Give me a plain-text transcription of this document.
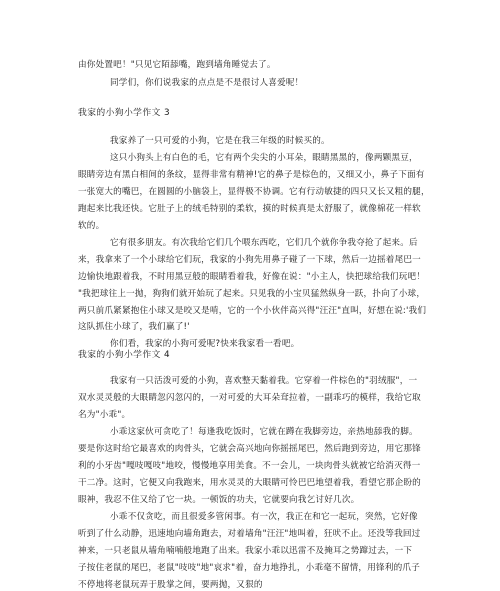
由你处置吧！"只见它陌舔嘴，跑到墙角睡觉去了。
同学们，你们说我家的点点是不是很讨人喜爱呢！
我家的小狗小学作文 3
我家养了一只可爱的小狗，它是在我三年级的时候买的。
这只小狗头上有白色的毛，它有两个尖尖的小耳朵，眼睛黑黑的，像两颗黑豆，
眼睛旁边有黑白相间的条纹，显得非常有精神!它的鼻子是棕色的，又细又小，鼻子下面有
一张宽大的嘴巴，在圆圆的小脑袋上，显得极不协调。它有行动敏捷的四只又长又粗的腿，
跑起来比我还快。它肚子上的绒毛特别的柔软，摸的时候真是太舒服了，就像棉花一样软
软的。
它有很多朋友。有次我给它们几个喂东西吃，它们几个就你争我夺抢了起来。后
来，我拿来了一个小球给它们玩，我家的小狗先用鼻子碰了一下球，然后一边摇着尾巴一
边愉快地跟着我，不时用黑豆般的眼睛看着我，好像在说："小主人，快把球给我们玩吧！
"我把球往上一抛，狗狗们就开始玩了起来。只见我的小宝贝猛然纵身一跃，扑向了小球，
两只前爪紧紧抱住小球又是咬又是啃，它的一个小伙伴高兴得"汪汪"直叫，好想在说:'我们
这队抓住小球了，我们赢了!'
你们看，我家的小狗可爱呢?快来我家看一看吧。
我家的小狗小学作文 4
我家有一只活泼可爱的小狗，喜欢整天黏着我。它穿着一件棕色的"羽绒服"，一
双水灵灵般的大眼睛忽闪忽闪的，一对可爱的大耳朵耷拉着，一副乖巧的模样，我给它取
名为"小乖"。
小乖这家伙可贪吃了！每逢我吃饭时，它就在蹲在我脚旁边，亲热地舔我的脚。
要是你这时给它最喜欢的肉骨头，它就会高兴地向你摇摇尾巴，然后跑到旁边，用它那锋
利的小牙齿"嘎吱嘎吱"地咬，慢慢地享用美食。不一会儿，一块肉骨头就被它给消灭得一
干二净。这时，它便又向我跑来，用水灵灵的大眼睛可怜巴巴地望着我，看望它那企盼的
眼神，我忍不住又给了它一块。一顿饭的功夫，它就要向我乞讨好几次。
小乖不仅贪吃，而且很爱多管闲事。有一次，我正在和它一起玩，突然，它好像
听到了什么动静，迅速地向墙角跑去，对着墙角"汪汪"地叫着，狂吠不止。还没等我回过
神来，一只老鼠从墙角喃喃般地跑了出来。我家小乖以迅雷不及掩耳之势蹿过去，一下
子按住老鼠的尾巴，老鼠"吱吱"地"哀求"着，奋力地挣扎，小乖毫不留情，用锋利的爪子
不停地将老鼠玩弄于股掌之间，要两抛，又狠的
